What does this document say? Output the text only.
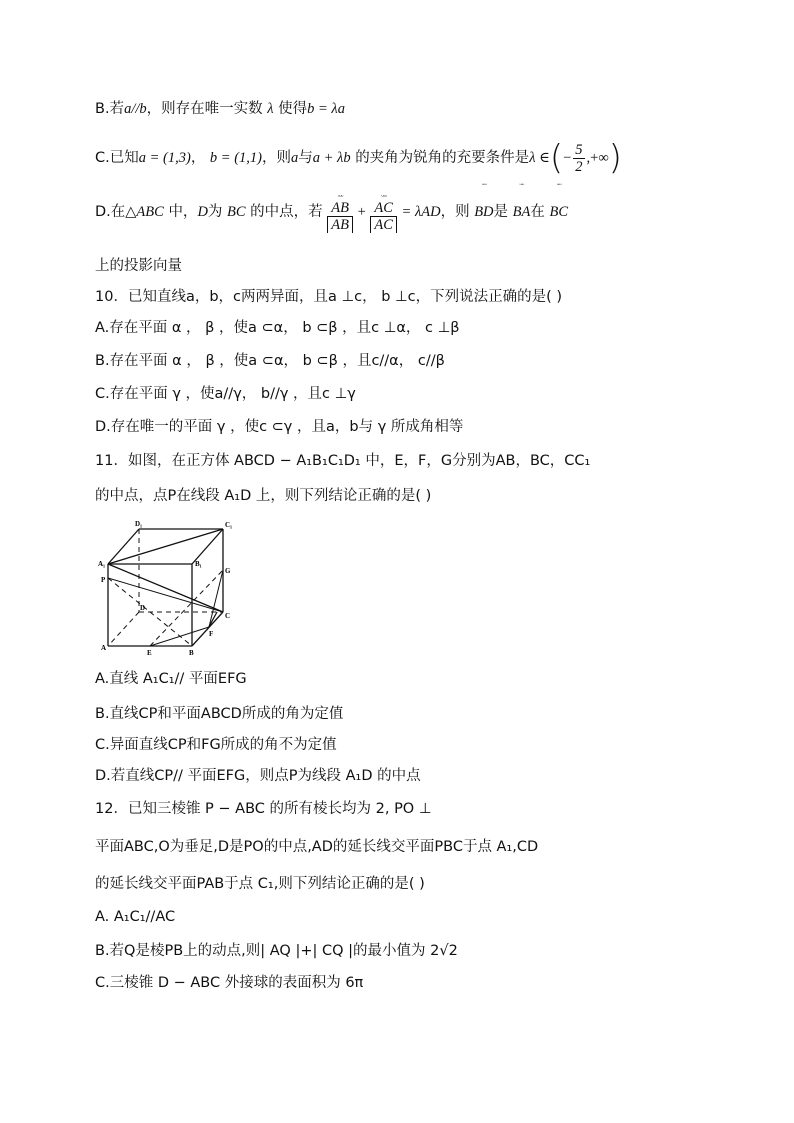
B.若a//b，则存在唯一实数 λ 使得b = λa
C.已知a = (1,3)， b = (1,1)，则a与a + λb 的夹角为锐角的充要条件是λ ∈(− $\frac{5}{2}$ ,+∞)
D.在△ABC 中，D为 BC 的中点，若
ᵕᵕᵕ
AB
AB
+
ᵕᵕᵕ
AC
AC
= λAD，则
ᵕᵕᵕ
BD是
ᵕᵕᵕ
BA在
ᵕᵕᵕ
BC
上的投影向量
10．已知直线a，b，c两两异面，且a ⊥c， b ⊥c，下列说法正确的是( )
A.存在平面 α ， β ，使a ⊂α， b ⊂β ，且c ⊥α， c ⊥β
B.存在平面 α ， β ，使a ⊂α， b ⊂β ，且c//α， c//β
C.存在平面 γ ，使a//γ， b//γ ，且c ⊥γ
D.存在唯一的平面 γ ，使c ⊂γ ，且a，b与 γ 所成角相等
11．如图，在正方体 ABCD − A₁B₁C₁D₁ 中，E，F，G分别为AB，BC，CC₁
的中点，点P在线段 A₁D 上，则下列结论正确的是( )
D₁	C₁
A₁	B₁
G
P
D
C
F
A
E	B
A.直线 A₁C₁// 平面EFG
B.直线CP和平面ABCD所成的角为定值
C.异面直线CP和FG所成的角不为定值
D.若直线CP// 平面EFG，则点P为线段 A₁D 的中点
12．已知三棱锥 P − ABC 的所有棱长均为 2, PO ⊥
平面ABC,O为垂足,D是PO的中点,AD的延长线交平面PBC于点 A₁,CD
的延长线交平面PAB于点 C₁,则下列结论正确的是( )
A. A₁C₁//AC
B.若Q是棱PB上的动点,则| AQ |+| CQ |的最小值为 2√2
C.三棱锥 D − ABC 外接球的表面积为 6π
